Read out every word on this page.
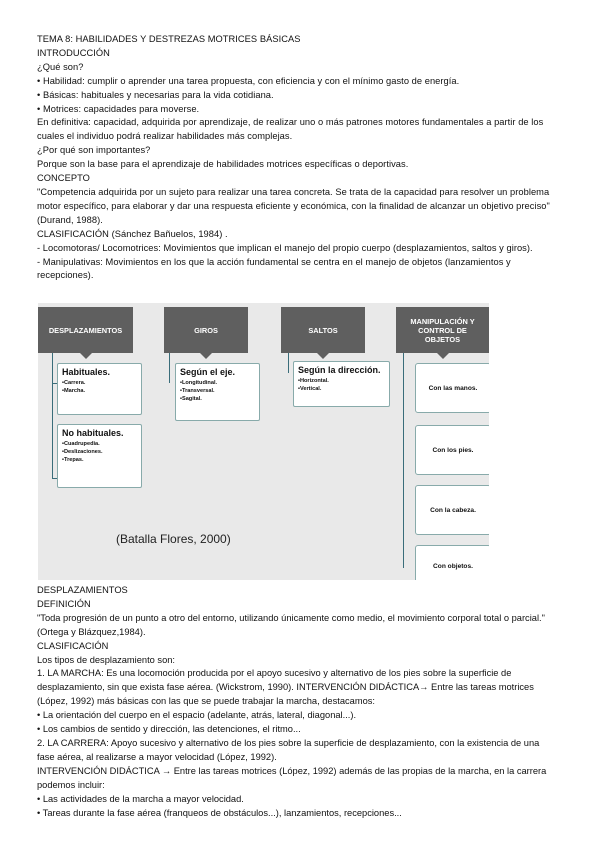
TEMA 8: HABILIDADES Y DESTREZAS MOTRICES BÁSICAS

INTRODUCCIÓN

¿Qué son?

• Habilidad: cumplir o aprender una tarea propuesta, con eficiencia y con el mínimo gasto de energía.

• Básicas: habituales y necesarias para la vida cotidiana.

• Motrices: capacidades para moverse.

En definitiva: capacidad, adquirida por aprendizaje, de realizar uno o más patrones motores fundamentales a partir de los cuales el individuo podrá realizar habilidades más complejas.

¿Por qué son importantes?

Porque son la base para el aprendizaje de habilidades motrices específicas o deportivas.

CONCEPTO

"Competencia adquirida por un sujeto para realizar una tarea concreta. Se trata de la capacidad para resolver un problema motor específico, para elaborar y dar una respuesta eficiente y económica, con la finalidad de alcanzar un objetivo preciso" (Durand, 1988).

CLASIFICACIÓN (Sánchez Bañuelos, 1984) .

- Locomotoras/ Locomotrices: Movimientos que implican el manejo del propio cuerpo (desplazamientos, saltos y giros).

- Manipulativas: Movimientos en los que la acción fundamental se centra en el manejo de objetos (lanzamientos y recepciones).

DESPLAZAMIENTOS	GIROS	SALTOS
MANIPULACIÓN Y CONTROL DE OBJETOS
Habituales.
•Carrera.
•Marcha.
No habituales.
•Cuadrupedia.
•Deslizaciones.
•Trepas.
Según el eje.
•Longitudinal.
•Transversal.
•Sagital.
Según la dirección.
•Horizontal.
•Vertical.	Con las manos.
Con los pies.
Con la cabeza.
Con objetos.
(Batalla Flores, 2000)

DESPLAZAMIENTOS

DEFINICIÓN

"Toda progresión de un punto a otro del entorno, utilizando únicamente como medio, el movimiento corporal total o parcial." (Ortega y Blázquez,1984).

CLASIFICACIÓN

Los tipos de desplazamiento son:

1. LA MARCHA: Es una locomoción producida por el apoyo sucesivo y alternativo de los pies sobre la superficie de desplazamiento, sin que exista fase aérea. (Wickstrom, 1990). INTERVENCIÓN DIDÁCTICA→ Entre las tareas motrices (López, 1992) más básicas con las que se puede trabajar la marcha, destacamos:

• La orientación del cuerpo en el espacio (adelante, atrás, lateral, diagonal...).

• Los cambios de sentido y dirección, las detenciones, el ritmo...

2. LA CARRERA: Apoyo sucesivo y alternativo de los pies sobre la superficie de desplazamiento, con la existencia de una fase aérea, al realizarse a mayor velocidad (López, 1992).

INTERVENCIÓN DIDÁCTICA → Entre las tareas motrices (López, 1992) además de las propias de la marcha, en la carrera podemos incluir:

• Las actividades de la marcha a mayor velocidad.

• Tareas durante la fase aérea (franqueos de obstáculos...), lanzamientos, recepciones...
